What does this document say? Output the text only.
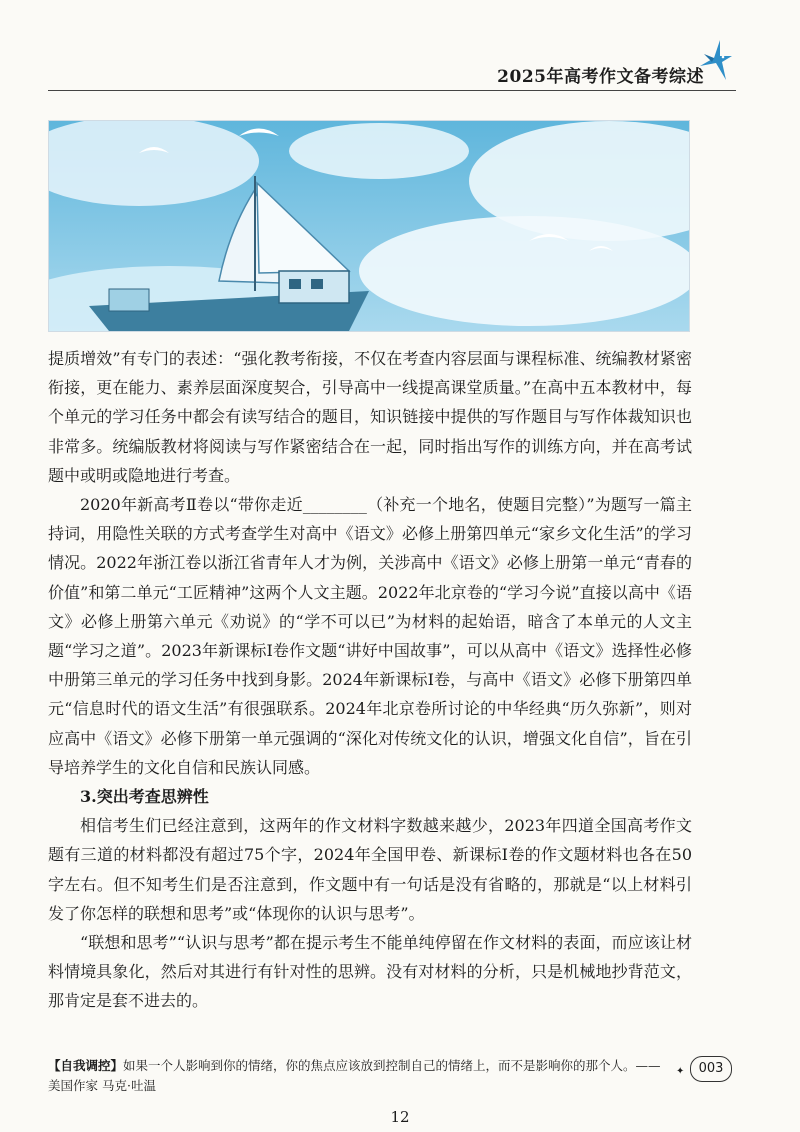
2025年高考作文备考综述

提质增效”有专门的表述：“强化教考衔接，不仅在考查内容层面与课程标准、统编教材紧密衔接，更在能力、素养层面深度契合，引导高中一线提高课堂质量。”在高中五本教材中，每个单元的学习任务中都会有读写结合的题目，知识链接中提供的写作题目与写作体裁知识也非常多。统编版教材将阅读与写作紧密结合在一起，同时指出写作的训练方向，并在高考试题中或明或隐地进行考查。

2020年新高考Ⅱ卷以“带你走近________（补充一个地名，使题目完整）”为题写一篇主持词，用隐性关联的方式考查学生对高中《语文》必修上册第四单元“家乡文化生活”的学习情况。2022年浙江卷以浙江省青年人才为例，关涉高中《语文》必修上册第一单元“青春的价值”和第二单元“工匠精神”这两个人文主题。2022年北京卷的“学习今说”直接以高中《语文》必修上册第六单元《劝说》的“学不可以已”为材料的起始语，暗含了本单元的人文主题“学习之道”。2023年新课标Ⅰ卷作文题“讲好中国故事”，可以从高中《语文》选择性必修中册第三单元的学习任务中找到身影。2024年新课标Ⅰ卷，与高中《语文》必修下册第四单元“信息时代的语文生活”有很强联系。2024年北京卷所讨论的中华经典“历久弥新”，则对应高中《语文》必修下册第一单元强调的“深化对传统文化的认识，增强文化自信”，旨在引导培养学生的文化自信和民族认同感。

3.突出考查思辨性

相信考生们已经注意到，这两年的作文材料字数越来越少，2023年四道全国高考作文题有三道的材料都没有超过75个字，2024年全国甲卷、新课标Ⅰ卷的作文题材料也各在50字左右。但不知考生们是否注意到，作文题中有一句话是没有省略的，那就是“以上材料引发了你怎样的联想和思考”或“体现你的认识与思考”。

“联想和思考”“认识与思考”都在提示考生不能单纯停留在作文材料的表面，而应该让材料情境具象化，然后对其进行有针对性的思辨。没有对材料的分析，只是机械地抄背范文，那肯定是套不进去的。

【自我调控】如果一个人影响到你的情绪，你的焦点应该放到控制自己的情绪上，而不是影响你的那个人。——美国作家 马克·吐温
✦	003
12
